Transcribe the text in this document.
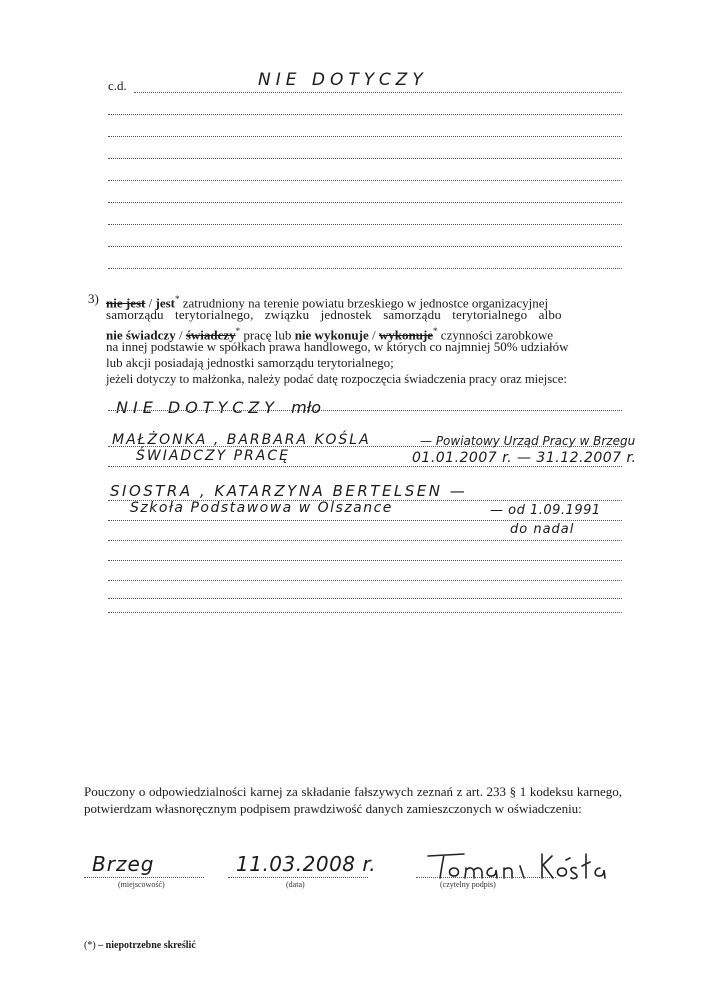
c.d.	NIE DOTYCZY
3) nie jest / jest* zatrudniony na terenie powiatu brzeskiego w jednostce organizacyjnej
samorządu terytorialnego, związku jednostek samorządu terytorialnego albo
nie świadczy / świadczy* pracę lub nie wykonuje / wykonuje* czynności zarobkowe
na innej podstawie w spółkach prawa handlowego, w których co najmniej 50% udziałów
lub akcji posiadają jednostki samorządu terytorialnego;
jeżeli dotyczy to małżonka, należy podać datę rozpoczęcia świadczenia pracy oraz miejsce:
NIE DOTYCZY mło
MAŁŻONKA , BARBARA KOŚLA	— Powiatowy Urząd Pracy w Brzegu
ŚWIADCZY PRACĘ	01.01.2007 r. — 31.12.2007 r.
SIOSTRA , KATARZYNA BERTELSEN —
Szkoła Podstawowa w Olszance	— od 1.09.1991
do nadal
Pouczony o odpowiedzialności karnej za składanie fałszywych zeznań z art. 233 § 1 kodeksu karnego, potwierdzam własnoręcznym podpisem prawdziwość danych zamieszczonych w oświadczeniu:
Brzeg
(miejscowość)
11.03.2008 r.
(data)	(czytelny podpis)
(*) – niepotrzebne skreślić
